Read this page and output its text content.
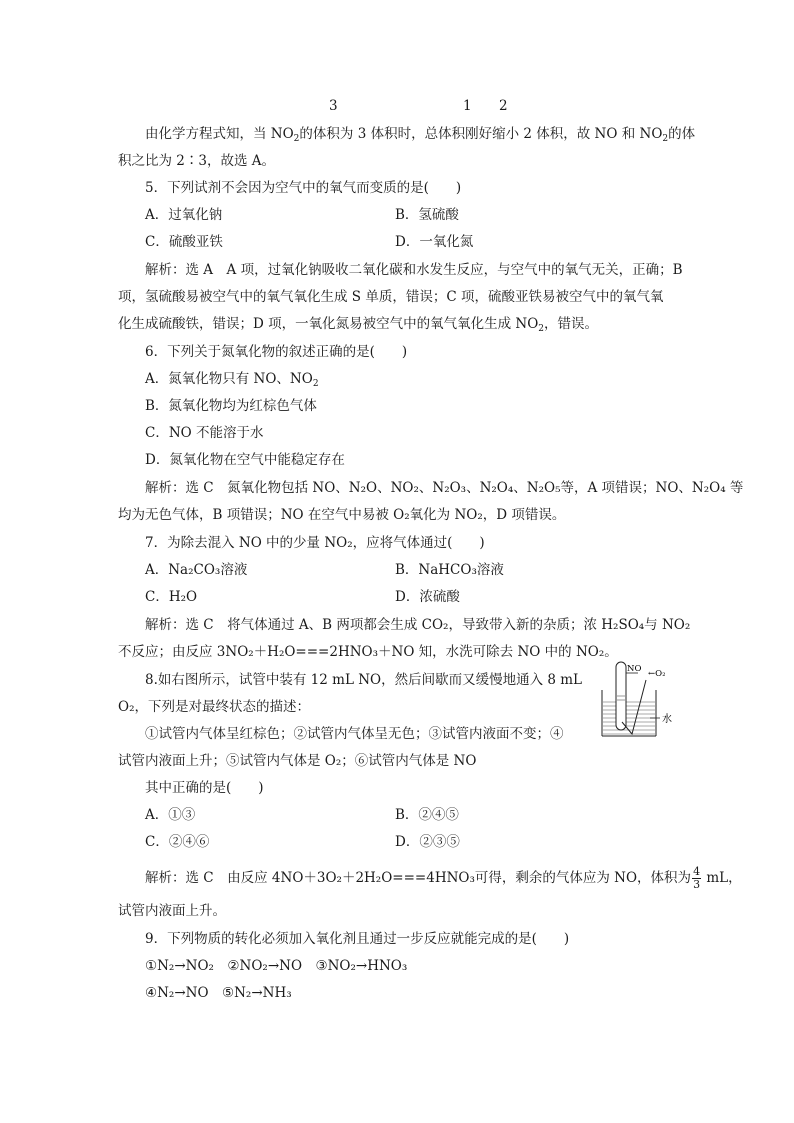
3	1 2
由化学方程式知，当 $NO_2$的体积为 3 体积时，总体积刚好缩小 2 体积，故 NO 和 $NO_2$的体
积之比为 2∶3，故选 A。
5．下列试剂不会因为空气中的氧气而变质的是(　　)
A．过氧化钠	B．氢硫酸
C．硫酸亚铁	D．一氧化氮
解析：选 A　A 项，过氧化钠吸收二氧化碳和水发生反应，与空气中的氧气无关，正确；B
项，氢硫酸易被空气中的氧气氧化生成 S 单质，错误；C 项，硫酸亚铁易被空气中的氧气氧
化生成硫酸铁，错误；D 项，一氧化氮易被空气中的氧气氧化生成 $NO_2$，错误。
6．下列关于氮氧化物的叙述正确的是(　　)
A．氮氧化物只有 NO、$NO_2$
B．氮氧化物均为红棕色气体
C．NO 不能溶于水
D．氮氧化物在空气中能稳定存在
解析：选 C　氮氧化物包括 NO、N₂O、NO₂、N₂O₃、N₂O₄、N₂O₅等，A 项错误；NO、N₂O₄ 等
均为无色气体，B 项错误；NO 在空气中易被 O₂氧化为 NO₂，D 项错误。
7．为除去混入 NO 中的少量 NO₂，应将气体通过(　　)
A．Na₂CO₃溶液	B．NaHCO₃溶液
C．H₂O	D．浓硫酸
解析：选 C　将气体通过 A、B 两项都会生成 CO₂，导致带入新的杂质；浓 H₂SO₄与 NO₂
不反应；由反应 3NO₂＋H₂O===2HNO₃＋NO 知，水洗可除去 NO 中的 NO₂。
8.如右图所示，试管中装有 12 mL NO，然后间歇而又缓慢地通入 8 mL
O₂，下列是对最终状态的描述：
①试管内气体呈红棕色；②试管内气体呈无色；③试管内液面不变；④
试管内液面上升；⑤试管内气体是 O₂；⑥试管内气体是 NO
其中正确的是(　　)
A．①③	B．②④⑤
C．②④⑥	D．②③⑤
解析：选 C　由反应 4NO＋3O₂＋2H₂O===4HNO₃可得，剩余的气体应为 NO，体积为 $\frac{4}{3}$ mL，
试管内液面上升。
NO ←O₂
水
9．下列物质的转化必须加入氧化剂且通过一步反应就能完成的是(　　)
①N₂→NO₂　②NO₂→NO　③NO₂→HNO₃
④N₂→NO　⑤N₂→NH₃
